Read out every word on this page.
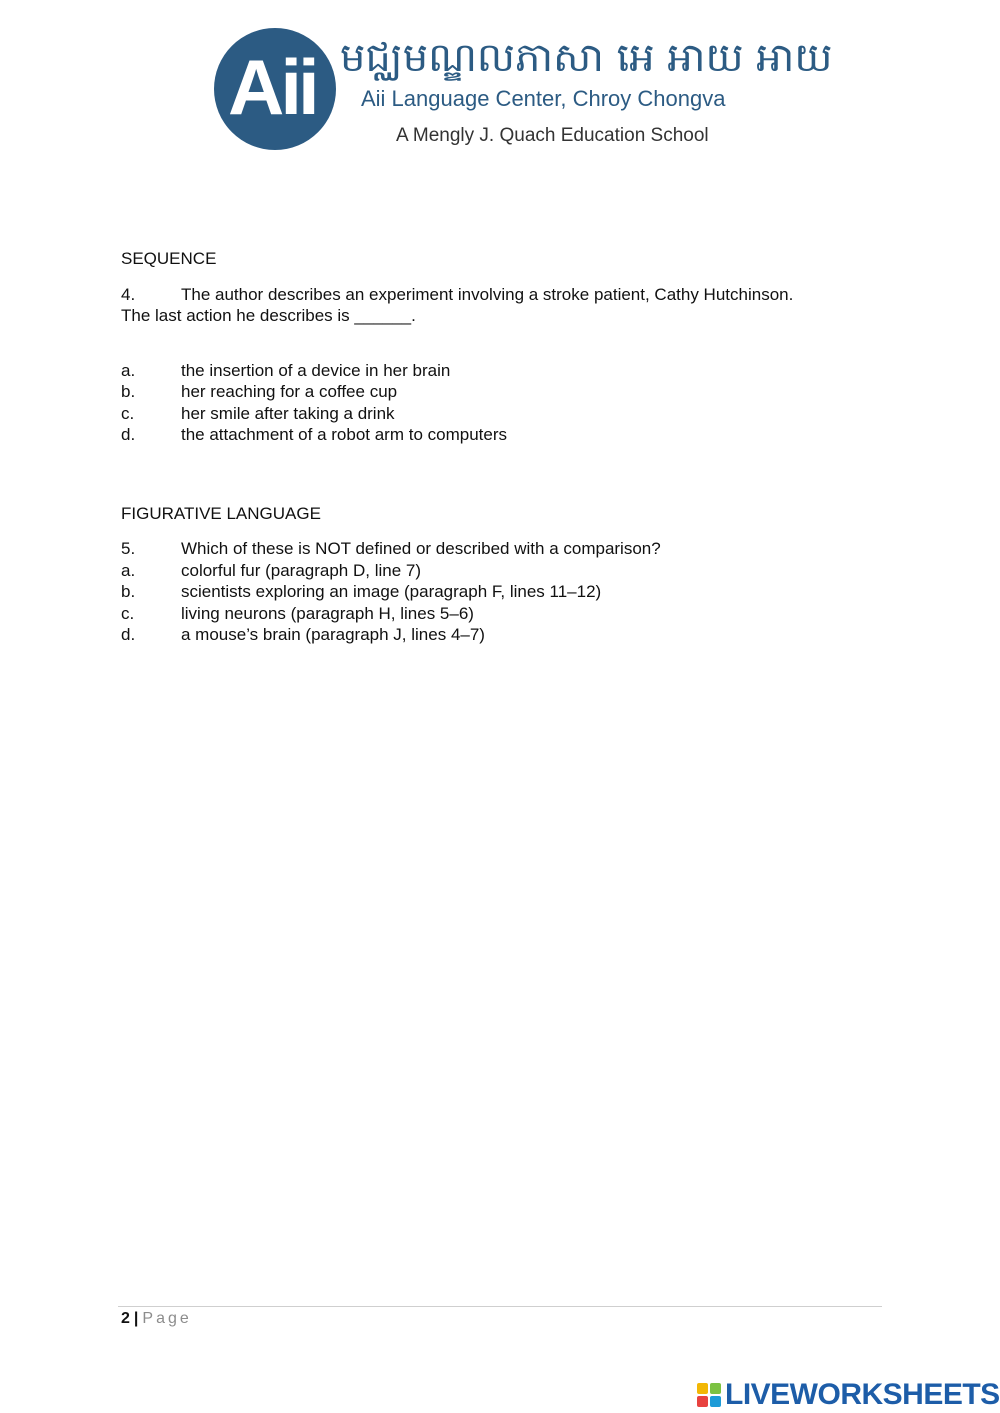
Aii មជ្ឈមណ្ឌលភាសា អេ អាយ អាយ
Aii Language Center, Chroy Chongva
A Mengly J. Quach Education School
SEQUENCE
4.	The author describes an experiment involving a stroke patient, Cathy Hutchinson.
The last action he describes is ______.
a.	the insertion of a device in her brain
b.	her reaching for a coffee cup
c.	her smile after taking a drink
d.	the attachment of a robot arm to computers
FIGURATIVE LANGUAGE
5.	Which of these is NOT defined or described with a comparison?
a.	colorful fur (paragraph D, line 7)
b.	scientists exploring an image (paragraph F, lines 11–12)
c.	living neurons (paragraph H, lines 5–6)
d.	a mouse’s brain (paragraph J, lines 4–7)
2 | Page
LIVEWORKSHEETS
